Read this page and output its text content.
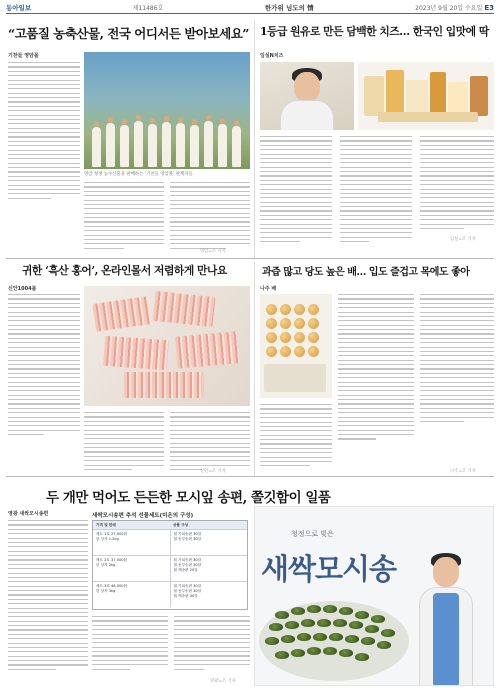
동아일보	제11486호	한가위 넘도의 情	2023년 9월 20일 수요일 E3
“고품질 농축산물, 전국 어디서든 받아보세요”
기찬들 영암몰
영암 청정 농수산물을 판매하는 ‘기찬들 영암몰’ 관계자들.
영암=조 기자
1등급 원유로 만든 담백한 치즈… 한국인 입맛에 딱
임실N치즈
임실=조 기자
귀한 ‘흑산 홍어’, 온라인몰서 저렴하게 만나요
신안1004몰
신안=조 기자
과즙 많고 당도 높은 배… 입도 즐겁고 목에도 좋아
나주 배
나주=조 기자
두 개만 먹어도 든든한 모시잎 송편, 쫄깃함이 일품
영광 새싹모시송편	새싹모시송편 추석 선물세트(미온의 구성)
가격 및 판매	상품 구성
세트 1호 27,000원
한 상자 1.2kg
흰 기피송편 30알
흰 동부송편 30알
세트 2호 37,000원
한 상자 2kg
흰 기피송편 30알
흰 동부송편 30알
흰 깨송편 20알
세트 3호 46,000원
한 상자 3kg
흰 기피송편 30알
흰 동부송편 30알
흰 깨송편 30알
영광=조 기자
청정으로 빚은
새싹모시송
